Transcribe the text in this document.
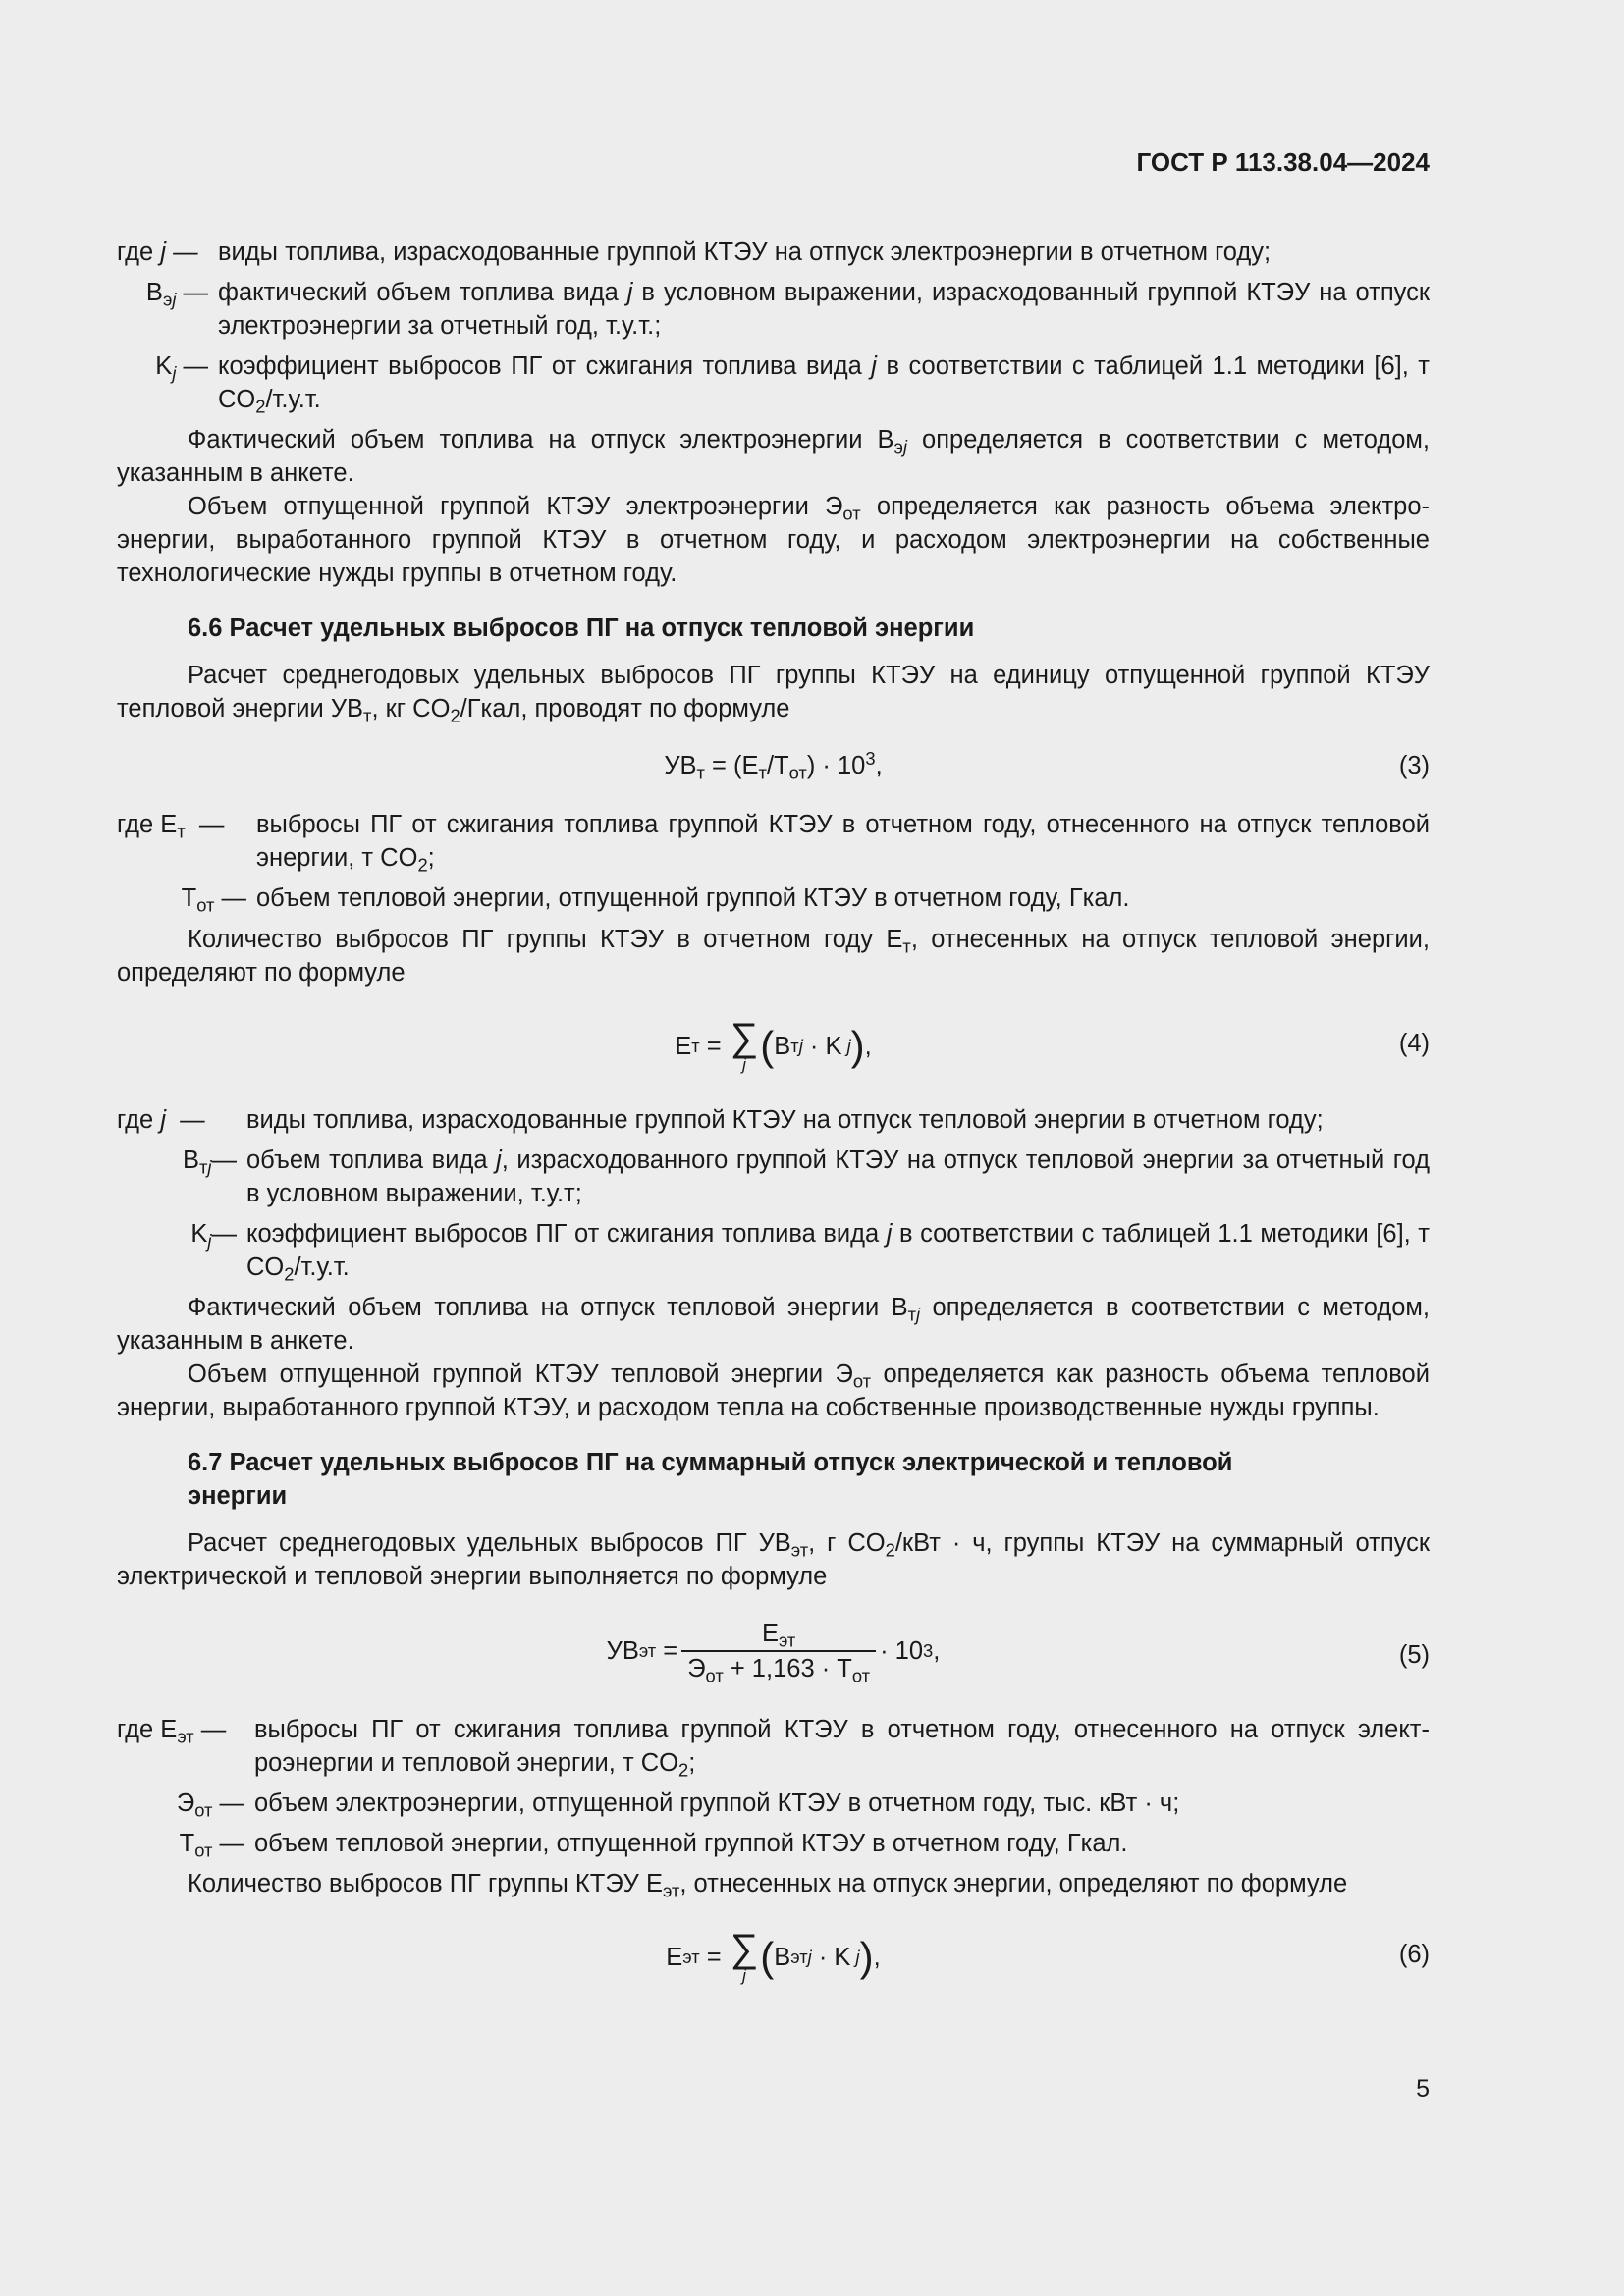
ГОСТ Р 113.38.04—2024
где j — виды топлива, израсходованные группой КТЭУ на отпуск электроэнергии в отчетном году;
$В_{эj}$ — фактический объем топлива вида j в условном выражении, израсходованный группой КТЭУ на отпуск электроэнергии за отчетный год, т.у.т.;
$K_j$ — коэффициент выбросов ПГ от сжигания топлива вида j в соответствии с таблицей 1.1 методики [6], т $CO_2/т.у.т$.

Фактический объем топлива на отпуск электроэнергии $В_{эj}$ определяется в соответствии с методом, указанным в анкете.

Объем отпущенной группой КТЭУ электроэнергии $Э_{от}$ определяется как разность объема электроэнергии, выработанного группой КТЭУ в отчетном году, и расходом электроэнергии на собственные технологические нужды группы в отчетном году.

6.6 Расчет удельных выбросов ПГ на отпуск тепловой энергии

Расчет среднегодовых удельных выбросов ПГ группы КТЭУ на единицу отпущенной группой КТЭУ тепловой энергии $УВ_т$, кг $CO_2$/Гкал, проводят по формуле

$УВ_т = (Е_т/Т_{от}) \cdot 10^3$,	(3)
где $Е_т$  —	выбросы ПГ от сжигания топлива группой КТЭУ в отчетном году, отнесенного на отпуск тепловой энергии, т $CO_2$;
$Т_{от}$ — объем тепловой энергии, отпущенной группой КТЭУ в отчетном году, Гкал.

Количество выбросов ПГ группы КТЭУ в отчетном году $Е_т$, отнесенных на отпуск тепловой энергии, определяют по формуле

Е т = ∑
j ( В тj · K j ) ,	(4)
где j  —	виды топлива, израсходованные группой КТЭУ на отпуск тепловой энергии в отчетном году;
$В_{тj}—$ объем топлива вида j, израсходованного группой КТЭУ на отпуск тепловой энергии за отчетный год в условном выражении, т.у.т;
$K_j—$ коэффициент выбросов ПГ от сжигания топлива вида j в соответствии с таблицей 1.1 методики [6], т $CO_2/т.у.т$.

Фактический объем топлива на отпуск тепловой энергии $В_{тj}$ определяется в соответствии с методом, указанным в анкете.

Объем отпущенной группой КТЭУ тепловой энергии $Э_{от}$ определяется как разность объема тепловой энергии, выработанного группой КТЭУ, и расходом тепла на собственные производственные нужды группы.

6.7 Расчет удельных выбросов ПГ на суммарный отпуск электрической и тепловой энергии

Расчет среднегодовых удельных выбросов ПГ $УВ_{эт}$, г $CO_2$/кВт · ч, группы КТЭУ на суммарный отпуск электрической и тепловой энергии выполняется по формуле

УВ эт = $\frac{Е_{эт}}{Э_{от} + 1,163 \cdot Т_{от}} \cdot 10$ 3 ,	(5)
где $Е_{эт}$ —	выбросы ПГ от сжигания топлива группой КТЭУ в отчетном году, отнесенного на отпуск электроэнергии и тепловой энергии, т $CO_2$;
$Э_{от}$ — объем электроэнергии, отпущенной группой КТЭУ в отчетном году, тыс. кВт · ч;
$Т_{от}$ — объем тепловой энергии, отпущенной группой КТЭУ в отчетном году, Гкал.

Количество выбросов ПГ группы КТЭУ $Е_{эт}$, отнесенных на отпуск энергии, определяют по формуле

Е эт = ∑
j ( В этj · K j ) ,	(6)
5
